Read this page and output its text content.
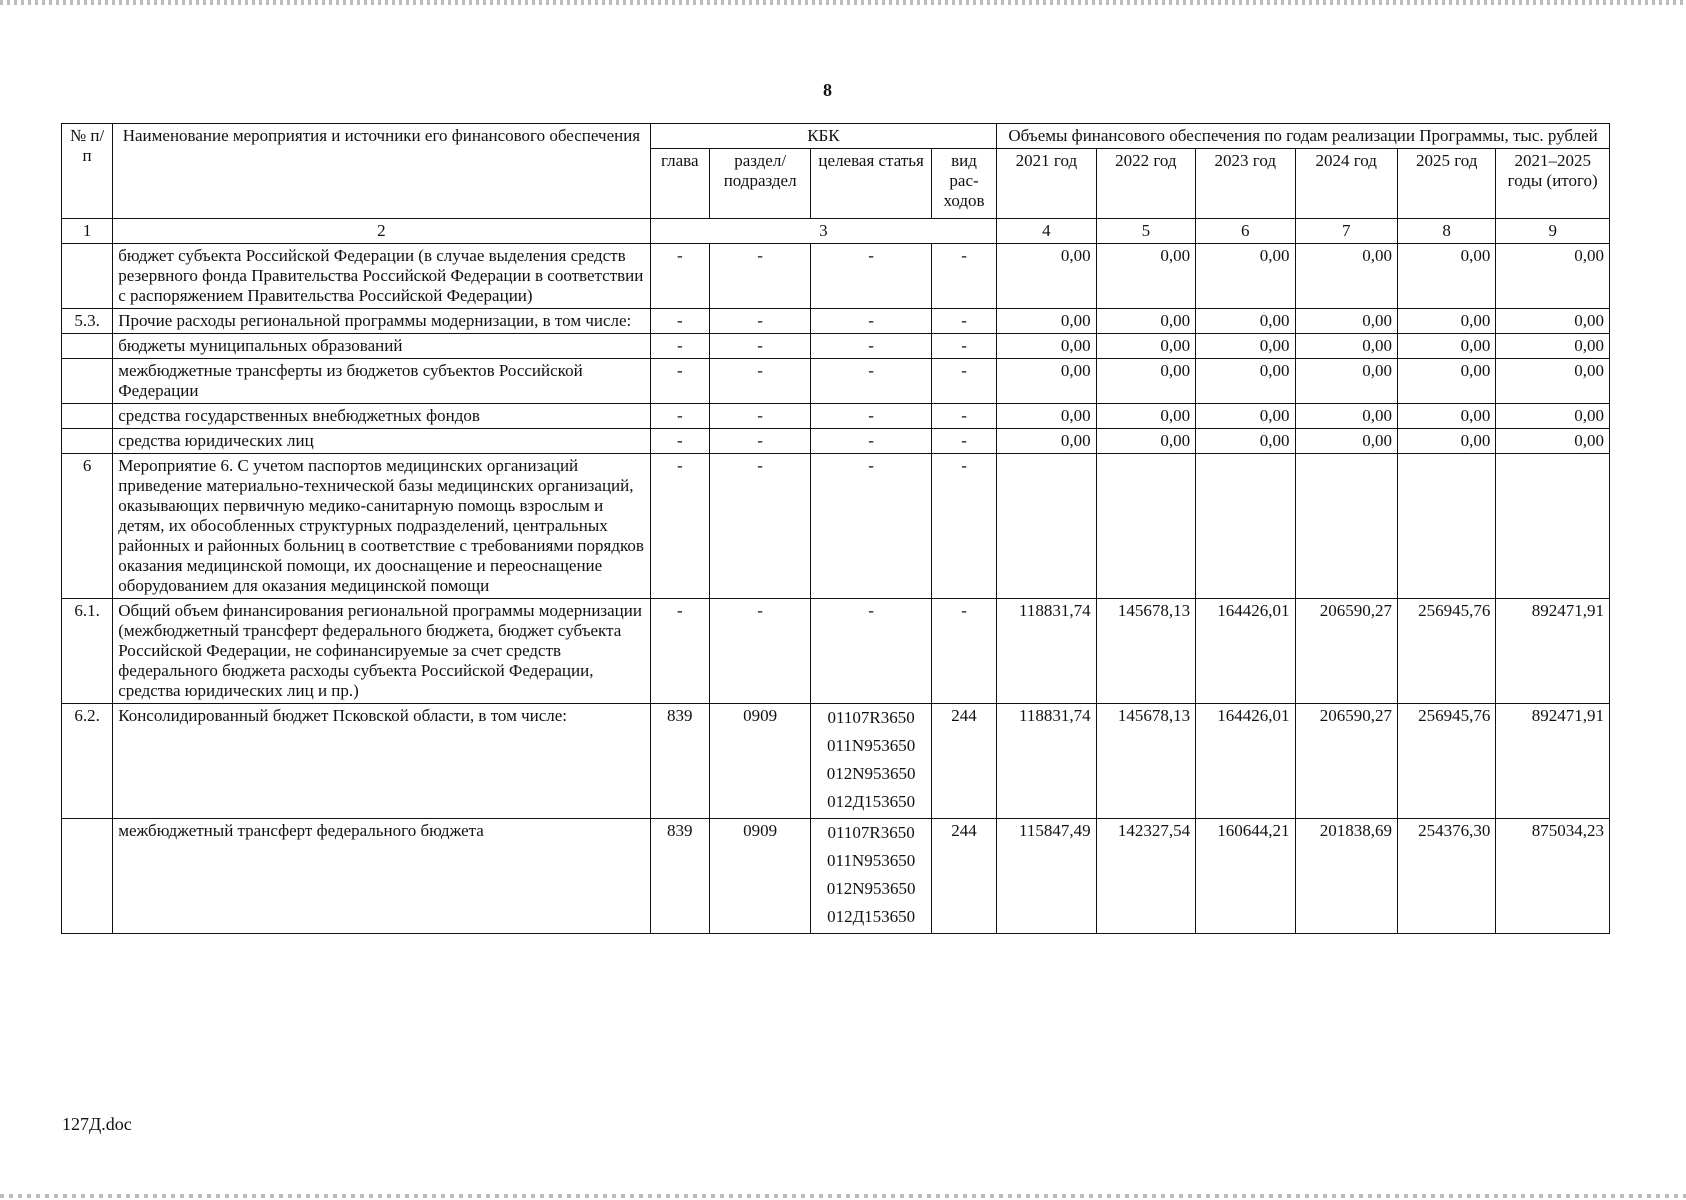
8
№ п/п	Наименование мероприятия и источники его финансового обеспечения	КБК				Объемы финансового обеспечения по годам реализации Программы, тыс. рублей					
		глава	раздел/ подраздел	целевая статья	вид рас- ходов	2021 год	2022 год	2023 год	2024 год	2025 год	2021–2025 годы (итого)
1	2	3				4	5	6	7	8	9
	бюджет субъекта Российской Федерации (в случае выделения средств резервного фонда Правительства Российской Федерации в соответствии с распоряжением Правительства Российской Федерации)	-	-	-	-	0,00	0,00	0,00	0,00	0,00	0,00
5.3.	Прочие расходы региональной программы модернизации, в том числе:	-	-	-	-	0,00	0,00	0,00	0,00	0,00	0,00
	бюджеты муниципальных образований	-	-	-	-	0,00	0,00	0,00	0,00	0,00	0,00
	межбюджетные трансферты из бюджетов субъектов Российской Федерации	-	-	-	-	0,00	0,00	0,00	0,00	0,00	0,00
	средства государственных внебюджетных фондов	-	-	-	-	0,00	0,00	0,00	0,00	0,00	0,00
	средства юридических лиц	-	-	-	-	0,00	0,00	0,00	0,00	0,00	0,00
6	Мероприятие 6. С учетом паспортов медицинских организаций приведение материально-технической базы медицинских организаций, оказывающих первичную медико-санитарную помощь взрослым и детям, их обособленных структурных подразделений, центральных районных и районных больниц в соответствие с требованиями порядков оказания медицинской помощи, их дооснащение и переоснащение оборудованием для оказания медицинской помощи	-	-	-	-						
6.1.	Общий объем финансирования региональной программы модернизации (межбюджетный трансферт федерального бюджета, бюджет субъекта Российской Федерации, не софинансируемые за счет средств федерального бюджета расходы субъекта Российской Федерации, средства юридических лиц и пр.)	-	-	-	-	118831,74	145678,13	164426,01	206590,27	256945,76	892471,91
6.2.	Консолидированный бюджет Псковской области, в том числе:	839	0909	01107R3650
011N953650
012N953650
012Д153650	244	118831,74	145678,13	164426,01	206590,27	256945,76	892471,91
	межбюджетный трансферт федерального бюджета	839	0909	01107R3650
011N953650
012N953650
012Д153650	244	115847,49	142327,54	160644,21	201838,69	254376,30	875034,23
127Д.doc
